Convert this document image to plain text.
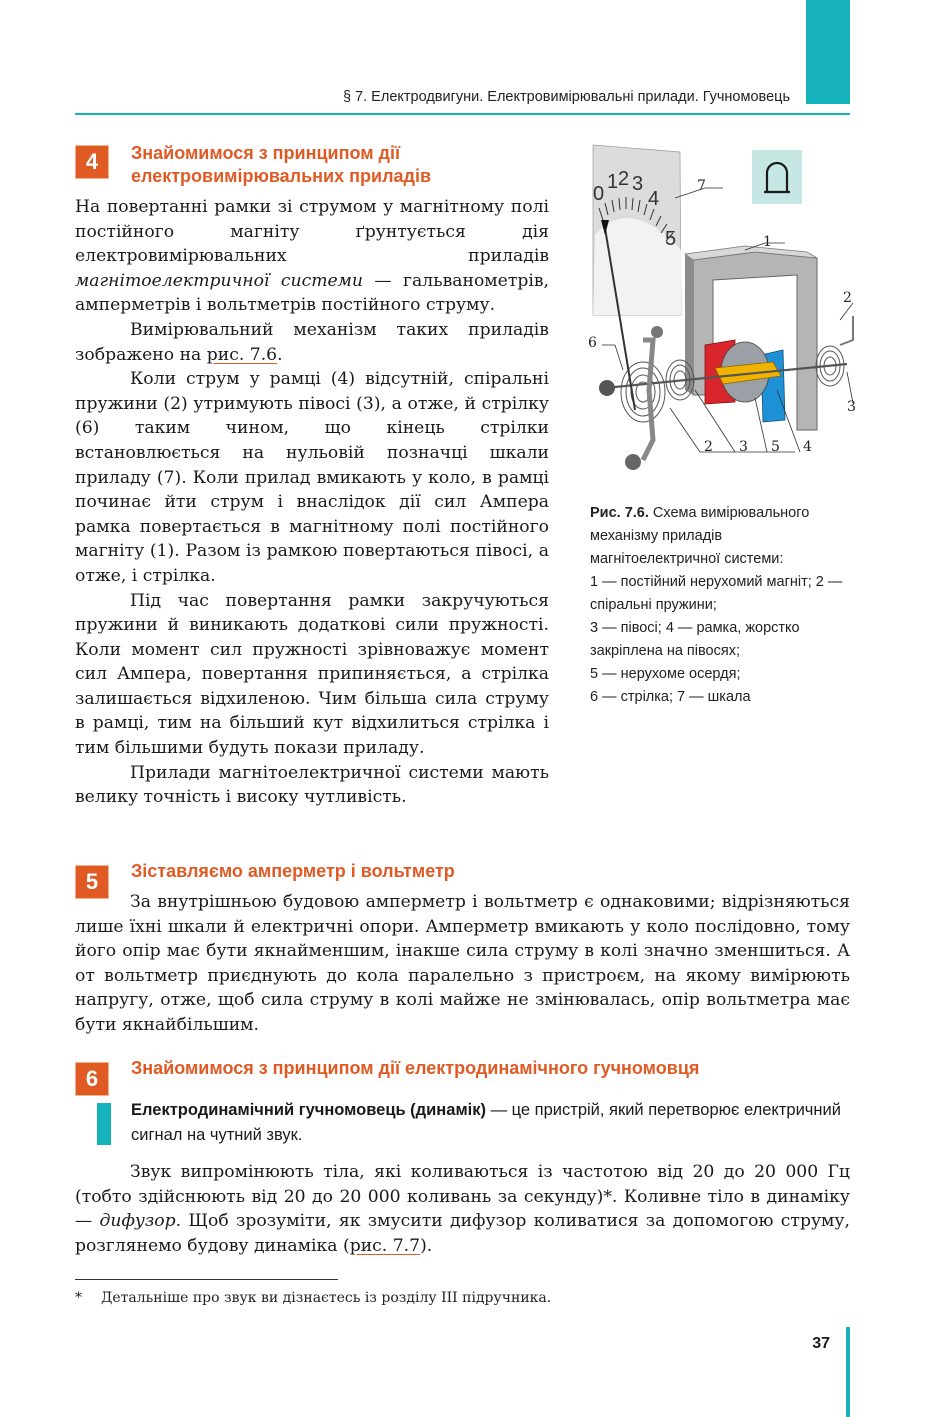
§ 7. Електродвигуни. Електровимірювальні прилади. Гучномовець
4	Знайомимося з принципом дії
електровимірювальних приладів

На повертанні рамки зі струмом у магнітному полі постійного магніту ґрунтується дія електровимірювальних приладів магнітоелектричної системи — гальванометрів, амперметрів і вольтметрів постійного струму.

Вимірювальний механізм таких приладів зображено на рис. 7.6.

Коли струм у рамці (4) відсутній, спіральні пружини (2) утримують півосі (3), а отже, й стрілку (6) таким чином, що кінець стрілки встановлюється на нульовій позначці шкали приладу (7). Коли прилад вмикають у коло, в рамці починає йти струм і внаслідок дії сил Ампера рамка повертається в магнітному полі постійного магніту (1). Разом із рамкою повертаються півосі, а отже, і стрілка.

Під час повертання рамки закручуються пружини й виникають додаткові сили пружності. Коли момент сил пружності зрівноважує момент сил Ампера, повертання припиняється, а стрілка залишається відхиленою. Чим більша сила струму в рамці, тим на більший кут відхилиться стрілка і тим більшими будуть покази приладу.

Прилади магнітоелектричної системи мають велику точність і високу чутливість.

0
1 2 3
4
5
7
1
2
3
6
2 3 5 4

Рис. 7.6. Схема вимірювального механізму приладів магнітоелектричної системи:

1 — постійний нерухомий магніт; 2 — спіральні пружини;

3 — півосі; 4 — рамка, жорстко закріплена на півосях;

5 — нерухоме осердя;

6 — стрілка; 7 — шкала

5	Зіставляємо амперметр і вольтметр

За внутрішньою будовою амперметр і вольтметр є однаковими; відрізняються лише їхні шкали й електричні опори. Амперметр вмикають у коло послідовно, тому його опір має бути якнайменшим, інакше сила струму в колі значно зменшиться. А от вольтметр приєднують до кола паралельно з пристроєм, на якому вимірюють напругу, отже, щоб сила струму в колі майже не змінювалась, опір вольтметра має бути якнайбільшим.

6	Знайомимося з принципом дії електродинамічного гучномовця
Електродинамічний гучномовець (динамік) — це пристрій, який перетворює електричний сигнал на чутний звук.

Звук випромінюють тіла, які коливаються із частотою від 20 до 20 000 Гц (тобто здійснюють від 20 до 20 000 коливань за секунду)*. Коливне тіло в динаміку — дифузор. Щоб зрозуміти, як змусити дифузор коливатися за допомогою струму, розглянемо будову динаміка (рис. 7.7).

* Детальніше про звук ви дізнаєтесь із розділу III підручника.
37
